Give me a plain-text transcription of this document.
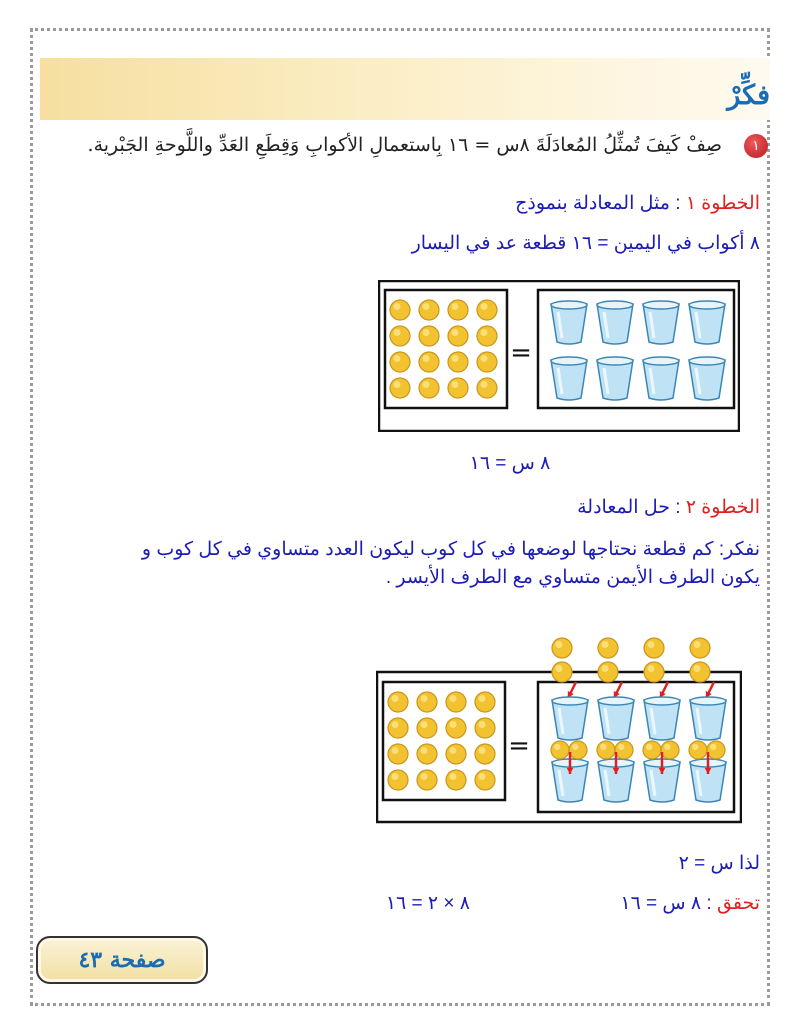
فكِّرْ
١صِفْ كَيفَ تُمثِّلُ المُعادَلَةَ ٨س = ١٦ بِاستعمالِ الأكوابِ وَقِطَعِ العَدِّ واللَّوحةِ الجَبْرية.
الخطوة ١ : مثل المعادلة بنموذج
٨ أكواب في اليمين = ١٦ قطعة عد في اليسار
=
٨ س = ١٦
الخطوة ٢ : حل المعادلة
نفكر: كم قطعة نحتاجها لوضعها في كل كوب ليكون العدد متساوي في كل كوب و
يكون الطرف الأيمن متساوي مع الطرف الأيسر .
=
لذا س = ٢
تحقق : ٨ س = ١٦
٨ × ٢ = ١٦
صفحة ٤٣
